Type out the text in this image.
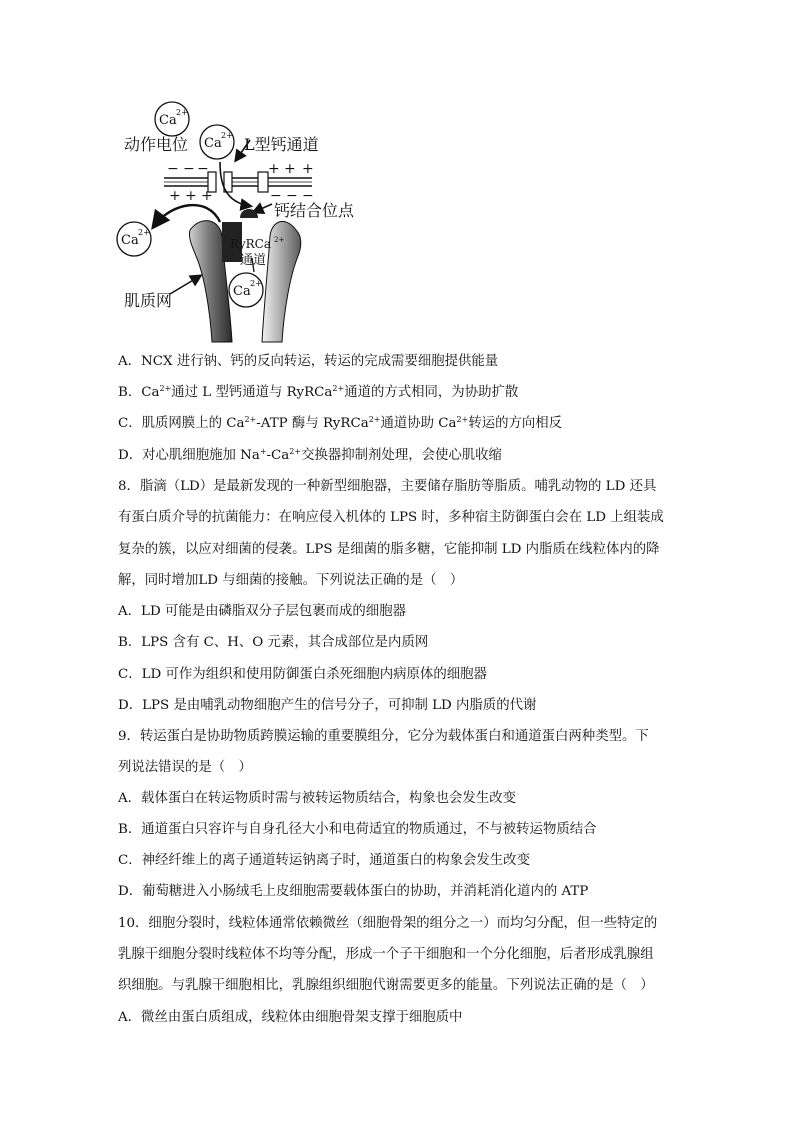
Ca
2+
Ca
2+
动作电位	L型钙通道
− − −	+ + +
+ + +	− − −
钙结合位点
RyRCa 2+
通道
Ca
2+
Ca
2+
肌质网
A．NCX 进行钠、钙的反向转运，转运的完成需要细胞提供能量
B．$Ca^{2+}$通过 L 型钙通道与 RyRCa$^{2+}$通道的方式相同，为协助扩散
C．肌质网膜上的 $Ca^{2+}$-ATP 酶与 RyRCa$^{2+}$通道协助 $Ca^{2+}$转运的方向相反
D．对心肌细胞施加 $Na^+-Ca^{2+}$交换器抑制剂处理，会使心肌收缩
8．脂滴（LD）是最新发现的一种新型细胞器，主要储存脂肪等脂质。哺乳动物的 LD 还具
有蛋白质介导的抗菌能力：在响应侵入机体的 LPS 时，多种宿主防御蛋白会在 LD 上组装成
复杂的簇，以应对细菌的侵袭。LPS 是细菌的脂多糖，它能抑制 LD 内脂质在线粒体内的降
解，同时增加LD 与细菌的接触。下列说法正确的是（　）
A．LD 可能是由磷脂双分子层包裹而成的细胞器
B．LPS 含有 C、H、O 元素，其合成部位是内质网
C．LD 可作为组织和使用防御蛋白杀死细胞内病原体的细胞器
D．LPS 是由哺乳动物细胞产生的信号分子，可抑制 LD 内脂质的代谢
9．转运蛋白是协助物质跨膜运输的重要膜组分，它分为载体蛋白和通道蛋白两种类型。下
列说法错误的是（　）
A．载体蛋白在转运物质时需与被转运物质结合，构象也会发生改变
B．通道蛋白只容许与自身孔径大小和电荷适宜的物质通过，不与被转运物质结合
C．神经纤维上的离子通道转运钠离子时，通道蛋白的构象会发生改变
D．葡萄糖进入小肠绒毛上皮细胞需要载体蛋白的协助，并消耗消化道内的 ATP
10．细胞分裂时，线粒体通常依赖微丝（细胞骨架的组分之一）而均匀分配，但一些特定的
乳腺干细胞分裂时线粒体不均等分配，形成一个子干细胞和一个分化细胞，后者形成乳腺组
织细胞。与乳腺干细胞相比，乳腺组织细胞代谢需要更多的能量。下列说法正确的是（　）
A．微丝由蛋白质组成，线粒体由细胞骨架支撑于细胞质中
